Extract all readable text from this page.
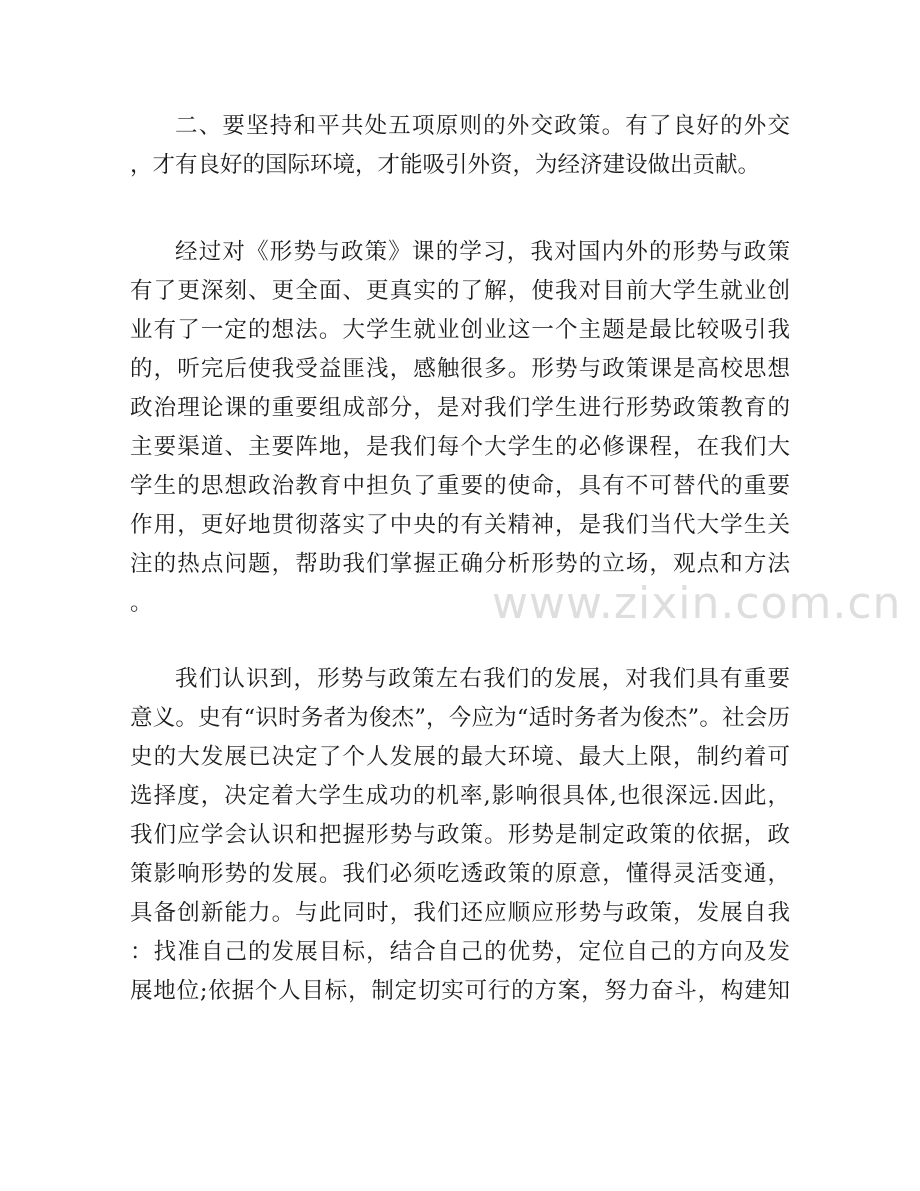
www.zixin.com.cn
二、要坚持和平共处五项原则的外交政策。有了良好的外交
，才有良好的国际环境，才能吸引外资，为经济建设做出贡献。
经过对《形势与政策》课的学习，我对国内外的形势与政策
有了更深刻、更全面、更真实的了解，使我对目前大学生就业创
业有了一定的想法。大学生就业创业这一个主题是最比较吸引我
的，听完后使我受益匪浅，感触很多。形势与政策课是高校思想
政治理论课的重要组成部分，是对我们学生进行形势政策教育的
主要渠道、主要阵地，是我们每个大学生的必修课程，在我们大
学生的思想政治教育中担负了重要的使命，具有不可替代的重要
作用，更好地贯彻落实了中央的有关精神，是我们当代大学生关
注的热点问题，帮助我们掌握正确分析形势的立场，观点和方法
。
我们认识到，形势与政策左右我们的发展，对我们具有重要
意义。史有“识时务者为俊杰”，今应为“适时务者为俊杰”。社会历
史的大发展已决定了个人发展的最大环境、最大上限，制约着可
选择度，决定着大学生成功的机率,影响很具体,也很深远.因此，
我们应学会认识和把握形势与政策。形势是制定政策的依据，政
策影响形势的发展。我们必须吃透政策的原意，懂得灵活变通，
具备创新能力。与此同时，我们还应顺应形势与政策，发展自我
：找准自己的发展目标，结合自己的优势，定位自己的方向及发
展地位;依据个人目标，制定切实可行的方案，努力奋斗，构建知
